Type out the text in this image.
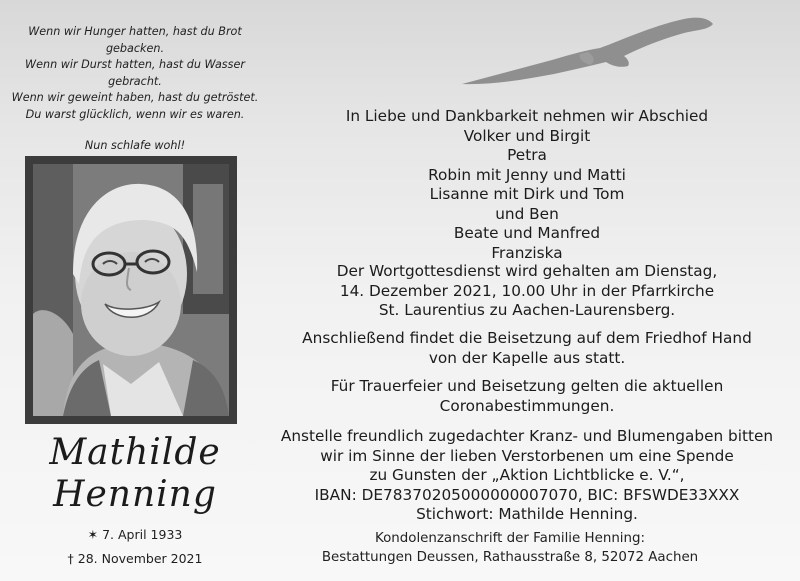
Wenn wir Hunger hatten, hast du Brot gebacken.
Wenn wir Durst hatten, hast du Wasser gebracht.
Wenn wir geweint haben, hast du getröstet.
Du warst glücklich, wenn wir es waren.
Nun schlafe wohl!
Mathilde
Henning
✶ 7. April 1933
† 28. November 2021
In Liebe und Dankbarkeit nehmen wir Abschied
Volker und Birgit
Petra
Robin mit Jenny und Matti
Lisanne mit Dirk und Tom
und Ben
Beate und Manfred
Franziska
Der Wortgottesdienst wird gehalten am Dienstag,
14. Dezember 2021, 10.00 Uhr in der Pfarrkirche
St. Laurentius zu Aachen-Laurensberg.
Anschließend findet die Beisetzung auf dem Friedhof Hand
von der Kapelle aus statt.
Für Trauerfeier und Beisetzung gelten die aktuellen
Coronabestimmungen.
Anstelle freundlich zugedachter Kranz- und Blumengaben bitten
wir im Sinne der lieben Verstorbenen um eine Spende
zu Gunsten der „Aktion Lichtblicke e. V.“,
IBAN: DE78370205000000007070, BIC: BFSWDE33XXX
Stichwort: Mathilde Henning.
Kondolenzanschrift der Familie Henning:
Bestattungen Deussen, Rathausstraße 8, 52072 Aachen
